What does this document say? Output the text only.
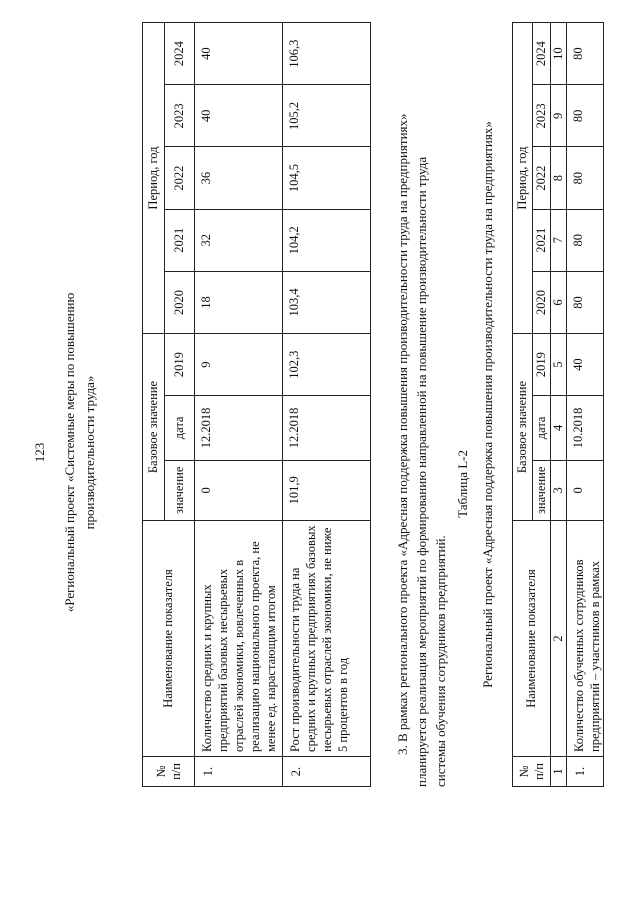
123 «Региональный проект «Системные меры по повышению производительности труда»
№ п/п	Наименование показателя	Базовое значение			Период, год				
		значение	дата	2019	2020	2021	2022	2023	2024
1.	Количество средних и крупных предприятий базовых несырьевых отраслей экономики, вовлеченных в реализацию национального проекта, не менее ед. нарастающим итогом	0	12.2018	9	18	32	36	40	40
2.	Рост производительности труда на средних и крупных предприятиях базовых несырьевых отраслей экономики, не ниже 5 процентов в год	101,9	12.2018	102,3	103,4	104,2	104,5	105,2	106,3
3. В рамках регионального проекта «Адресная поддержка повышения производительности труда на предприятиях» планируется реализация мероприятий по формированию направленной на повышение производительности труда системы обучения сотрудников предприятий.
Таблица L-2 Региональный проект «Адресная поддержка повышения производительности труда на предприятиях»
№ п/п	Наименование показателя	Базовое значение			Период, год				
		значение	дата	2019	2020	2021	2022	2023	2024
1	2	3	4	5	6	7	8	9	10
1.	Количество обученных сотрудников предприятий – участников в рамках	0	10.2018	40	80	80	80	80	80
